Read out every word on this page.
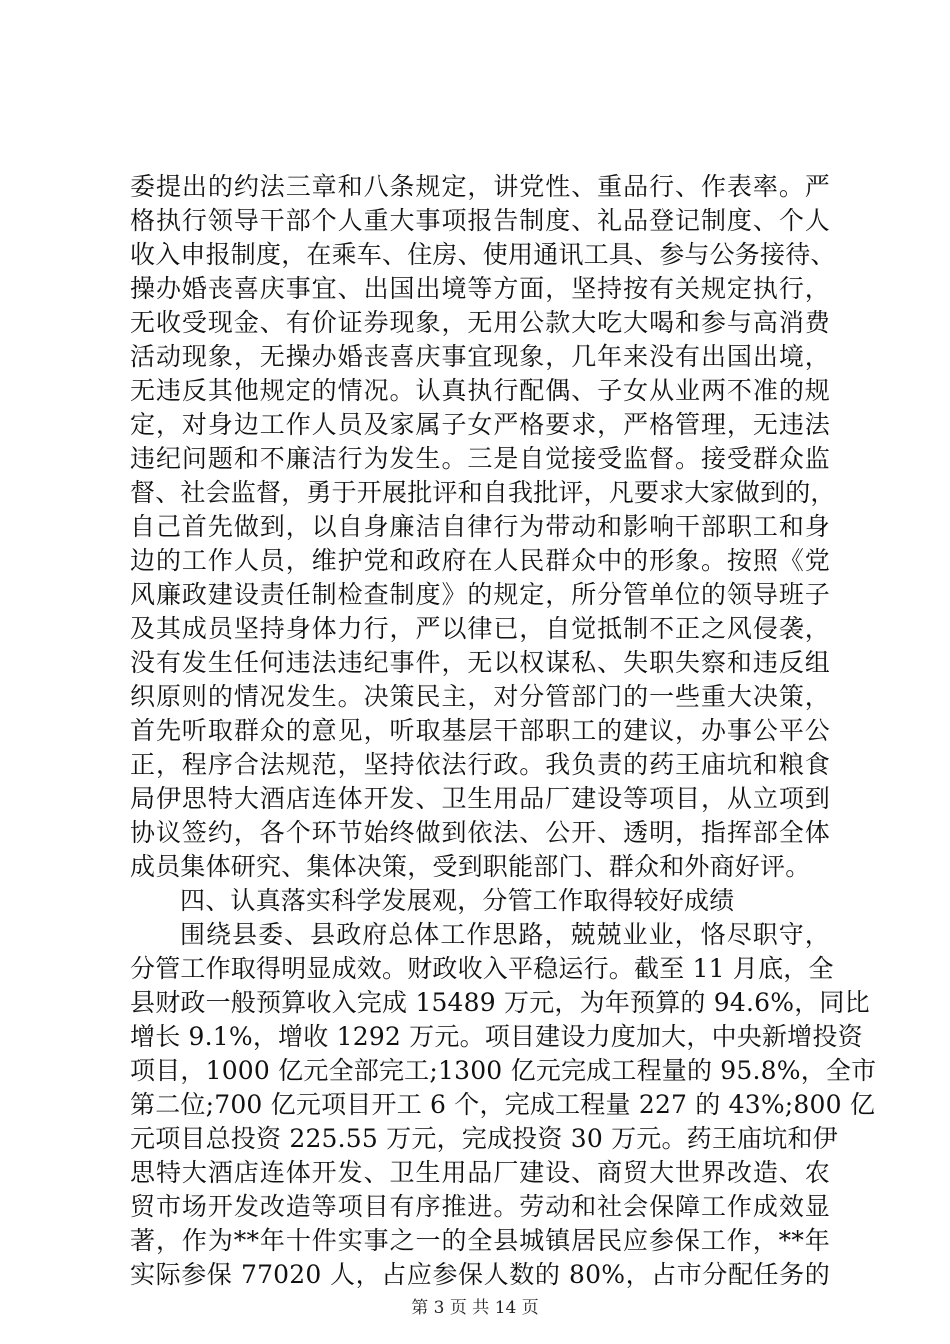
委提出的约法三章和八条规定，讲党性、重品行、作表率。严
格执行领导干部个人重大事项报告制度、礼品登记制度、个人
收入申报制度，在乘车、住房、使用通讯工具、参与公务接待、
操办婚丧喜庆事宜、出国出境等方面，坚持按有关规定执行，
无收受现金、有价证券现象，无用公款大吃大喝和参与高消费
活动现象，无操办婚丧喜庆事宜现象，几年来没有出国出境，
无违反其他规定的情况。认真执行配偶、子女从业两不准的规
定，对身边工作人员及家属子女严格要求，严格管理，无违法
违纪问题和不廉洁行为发生。三是自觉接受监督。接受群众监
督、社会监督，勇于开展批评和自我批评，凡要求大家做到的，
自己首先做到，以自身廉洁自律行为带动和影响干部职工和身
边的工作人员，维护党和政府在人民群众中的形象。按照《党
风廉政建设责任制检查制度》的规定，所分管单位的领导班子
及其成员坚持身体力行，严以律已，自觉抵制不正之风侵袭，
没有发生任何违法违纪事件，无以权谋私、失职失察和违反组
织原则的情况发生。决策民主，对分管部门的一些重大决策，
首先听取群众的意见，听取基层干部职工的建议，办事公平公
正，程序合法规范，坚持依法行政。我负责的药王庙坑和粮食
局伊思特大酒店连体开发、卫生用品厂建设等项目，从立项到
协议签约，各个环节始终做到依法、公开、透明，指挥部全体
成员集体研究、集体决策，受到职能部门、群众和外商好评。
四、认真落实科学发展观，分管工作取得较好成绩
围绕县委、县政府总体工作思路，兢兢业业，恪尽职守，
分管工作取得明显成效。财政收入平稳运行。截至 11 月底，全
县财政一般预算收入完成 15489 万元，为年预算的 94.6%，同比
增长 9.1%，增收 1292 万元。项目建设力度加大，中央新增投资
项目，1000 亿元全部完工;1300 亿元完成工程量的 95.8%，全市
第二位;700 亿元项目开工 6 个，完成工程量 227 的 43%;800 亿
元项目总投资 225.55 万元，完成投资 30 万元。药王庙坑和伊
思特大酒店连体开发、卫生用品厂建设、商贸大世界改造、农
贸市场开发改造等项目有序推进。劳动和社会保障工作成效显
著，作为**年十件实事之一的全县城镇居民应参保工作，**年
实际参保 77020 人，占应参保人数的 80%，占市分配任务的
第 3 页 共 14 页
